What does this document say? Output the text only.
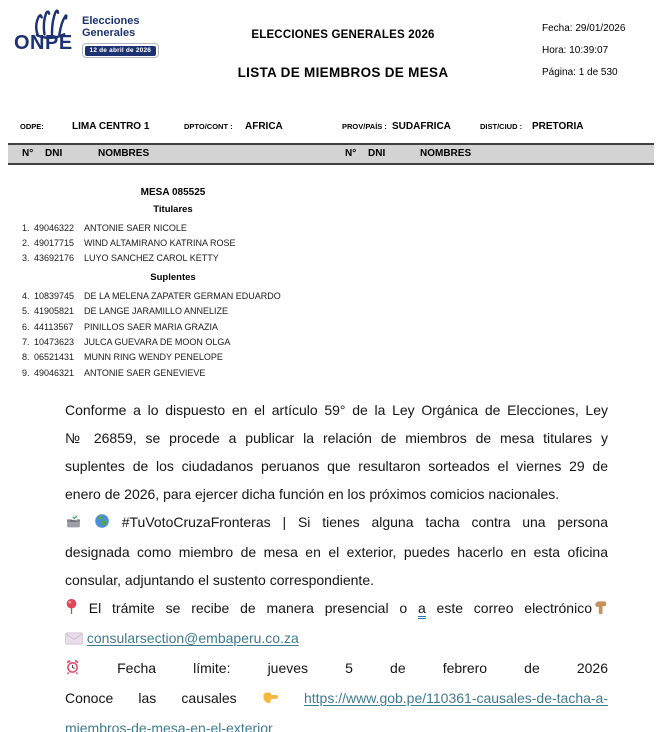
ONPE
Elecciones
Generales
12 de abril de 2026
ELECCIONES GENERALES 2026
LISTA DE MIEMBROS DE MESA
Fecha: 29/01/2026
Hora: 10:39:07
Página: 1 de 530
ODPE:	LIMA CENTRO 1	DPTO/CONT :	AFRICA	PROV/PAÍS : SUDAFRICA	DIST/CIUD : PRETORIA
N° DNI	NOMBRES	N° DNI	NOMBRES
MESA 085525
Titulares
1. 49046322	ANTONIE SAER NICOLE
2. 49017715	WIND ALTAMIRANO KATRINA ROSE
3. 43692176	LUYO SANCHEZ CAROL KETTY
Suplentes
4. 10839745	DE LA MELENA ZAPATER GERMAN EDUARDO
5. 41905821	DE LANGE JARAMILLO ANNELIZE
6. 44113567	PINILLOS SAER MARIA GRAZIA
7. 10473623	JULCA GUEVARA DE MOON OLGA
8. 06521431	MUNN RING WENDY PENELOPE
9. 49046321	ANTONIE SAER GENEVIEVE
Conforme a lo dispuesto en el artículo 59° de la Ley Orgánica de Elecciones, Ley
№ 26859, se procede a publicar la relación de miembros de mesa titulares y
suplentes de los ciudadanos peruanos que resultaron sorteados el viernes 29 de
enero de 2026, para ejercer dicha función en los próximos comicios nacionales.
#TuVotoCruzaFronteras | Si tienes alguna tacha contra una persona
designada como miembro de mesa en el exterior, puedes hacerlo en esta oficina
consular, adjuntando el sustento correspondiente.
El trámite se recibe de manera presencial o a este correo electrónico
consularsection@embaperu.co.za
Fecha límite: jueves 5 de febrero de 2026
Conoce las causales	https://www.gob.pe/110361-causales-de-tacha-a-
miembros-de-mesa-en-el-exterior
